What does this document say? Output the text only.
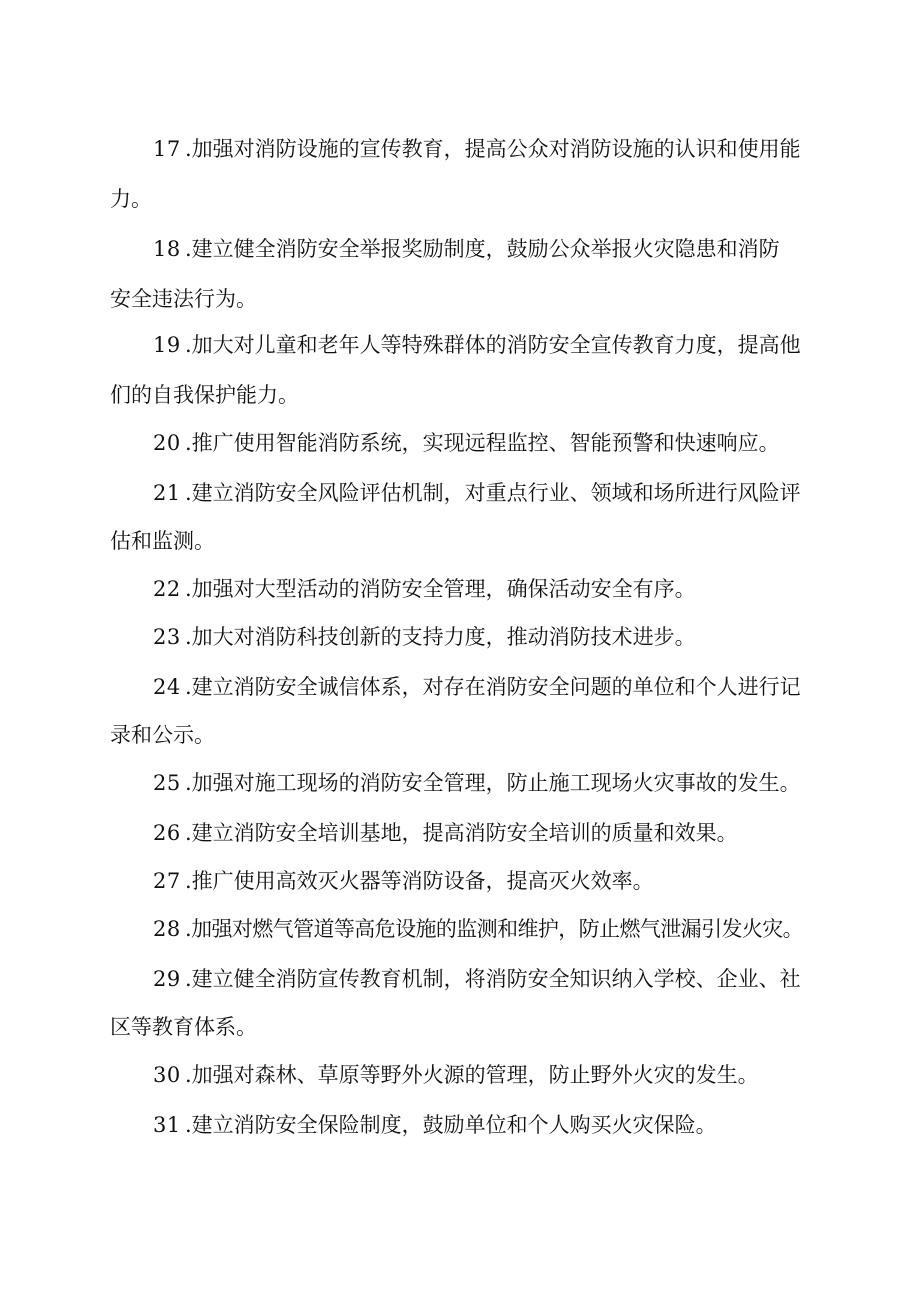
17 .加强对消防设施的宣传教育，提高公众对消防设施的认识和使用能
力。
18 .建立健全消防安全举报奖励制度，鼓励公众举报火灾隐患和消防
安全违法行为。
19 .加大对儿童和老年人等特殊群体的消防安全宣传教育力度，提高他
们的自我保护能力。
20 .推广使用智能消防系统，实现远程监控、智能预警和快速响应。
21 .建立消防安全风险评估机制，对重点行业、领域和场所进行风险评
估和监测。
22 .加强对大型活动的消防安全管理，确保活动安全有序。
23 .加大对消防科技创新的支持力度，推动消防技术进步。
24 .建立消防安全诚信体系，对存在消防安全问题的单位和个人进行记
录和公示。
25 .加强对施工现场的消防安全管理，防止施工现场火灾事故的发生。
26 .建立消防安全培训基地，提高消防安全培训的质量和效果。
27 .推广使用高效灭火器等消防设备，提高灭火效率。
28 .加强对燃气管道等高危设施的监测和维护，防止燃气泄漏引发火灾。
29 .建立健全消防宣传教育机制，将消防安全知识纳入学校、企业、社
区等教育体系。
30 .加强对森林、草原等野外火源的管理，防止野外火灾的发生。
31 .建立消防安全保险制度，鼓励单位和个人购买火灾保险。
